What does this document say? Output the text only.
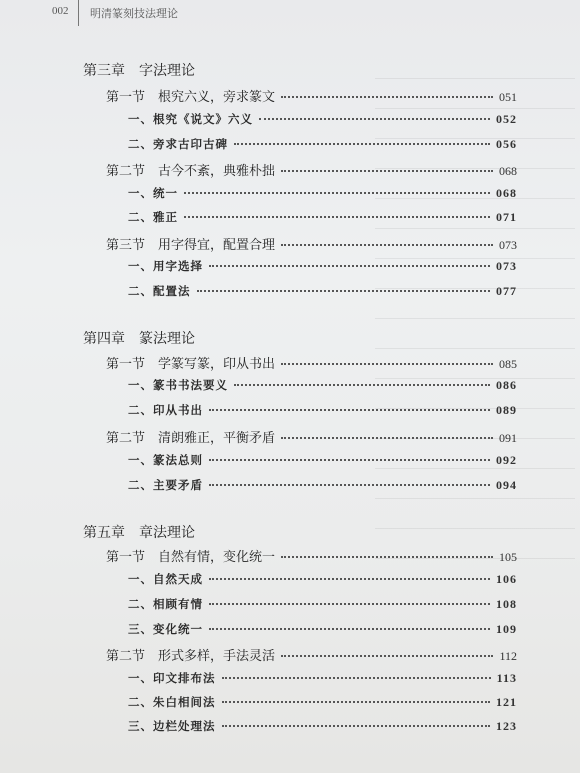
002 明清篆刻技法理论
第三章　字法理论
第一节　根究六义，旁求篆文	051
一、根究《说文》六义	052
二、旁求古印古碑	056
第二节　古今不紊，典雅朴拙	068
一、统一	068
二、雅正	071
第三节　用字得宜，配置合理	073
一、用字选择	073
二、配置法	077
第四章　篆法理论
第一节　学篆写篆，印从书出	085
一、篆书书法要义	086
二、印从书出	089
第二节　清朗雅正，平衡矛盾	091
一、篆法总则	092
二、主要矛盾	094
第五章　章法理论
第一节　自然有情，变化统一	105
一、自然天成	106
二、相顾有情	108
三、变化统一	109
第二节　形式多样，手法灵活	112
一、印文排布法	113
二、朱白相间法	121
三、边栏处理法	123
